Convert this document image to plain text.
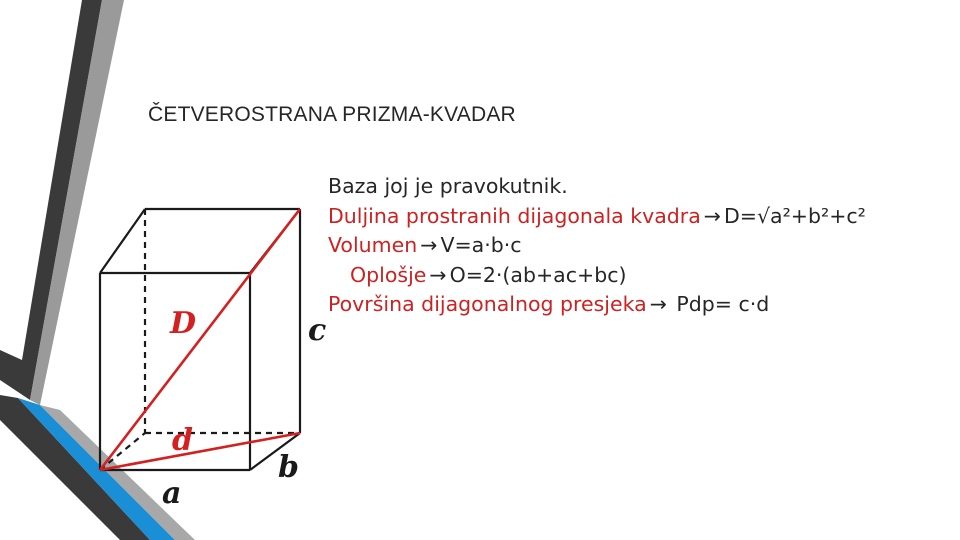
ČETVEROSTRANA PRIZMA-KVADAR
Baza joj je pravokutnik.
Duljina prostranih dijagonala kvadra → D=√a²+b²+c²
Volumen → V=a·b·c
Oplošje → O=2·(ab+ac+bc)
Površina dijagonalnog presjeka → Pdp= c·d
D	c
d
a
b
